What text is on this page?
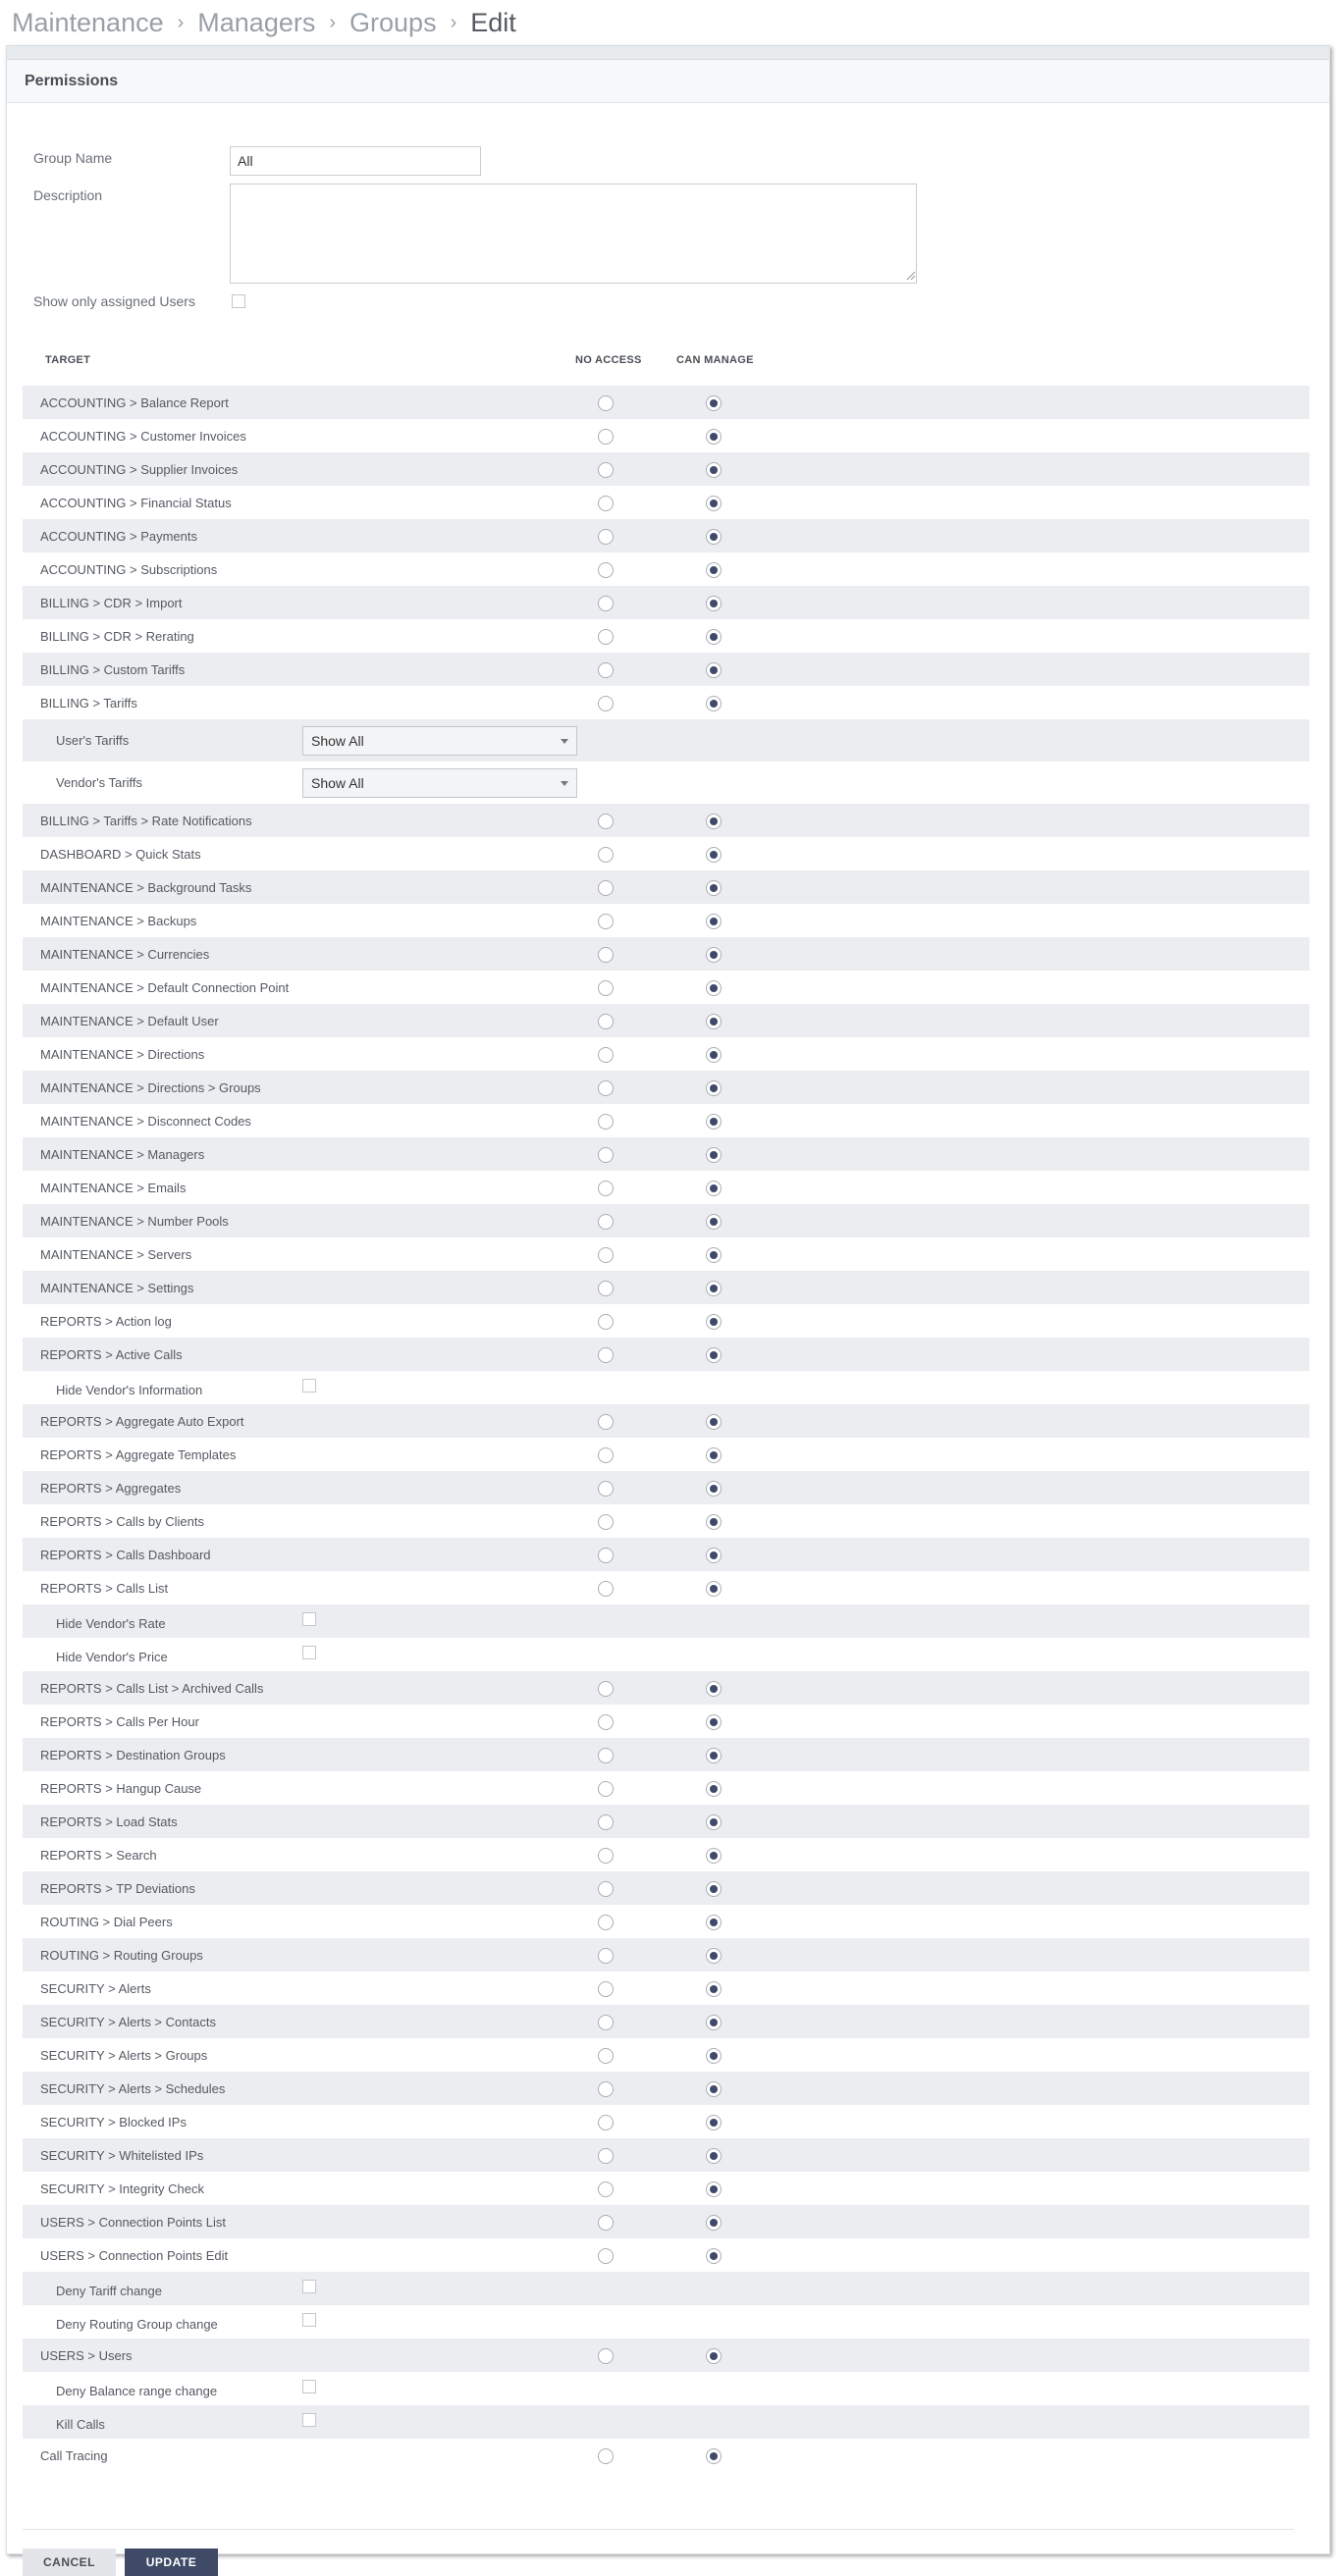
Maintenance › Managers › Groups › Edit
Permissions
Group Name
All
Description
Show only assigned Users
TARGET	NO ACCESS	CAN MANAGE
ACCOUNTING > Balance Report
ACCOUNTING > Customer Invoices
ACCOUNTING > Supplier Invoices
ACCOUNTING > Financial Status
ACCOUNTING > Payments
ACCOUNTING > Subscriptions
BILLING > CDR > Import
BILLING > CDR > Rerating
BILLING > Custom Tariffs
BILLING > Tariffs
User's Tariffs	Show All
Vendor's Tariffs	Show All
BILLING > Tariffs > Rate Notifications
DASHBOARD > Quick Stats
MAINTENANCE > Background Tasks
MAINTENANCE > Backups
MAINTENANCE > Currencies
MAINTENANCE > Default Connection Point
MAINTENANCE > Default User
MAINTENANCE > Directions
MAINTENANCE > Directions > Groups
MAINTENANCE > Disconnect Codes
MAINTENANCE > Managers
MAINTENANCE > Emails
MAINTENANCE > Number Pools
MAINTENANCE > Servers
MAINTENANCE > Settings
REPORTS > Action log
REPORTS > Active Calls
Hide Vendor's Information
REPORTS > Aggregate Auto Export
REPORTS > Aggregate Templates
REPORTS > Aggregates
REPORTS > Calls by Clients
REPORTS > Calls Dashboard
REPORTS > Calls List
Hide Vendor's Rate
Hide Vendor's Price
REPORTS > Calls List > Archived Calls
REPORTS > Calls Per Hour
REPORTS > Destination Groups
REPORTS > Hangup Cause
REPORTS > Load Stats
REPORTS > Search
REPORTS > TP Deviations
ROUTING > Dial Peers
ROUTING > Routing Groups
SECURITY > Alerts
SECURITY > Alerts > Contacts
SECURITY > Alerts > Groups
SECURITY > Alerts > Schedules
SECURITY > Blocked IPs
SECURITY > Whitelisted IPs
SECURITY > Integrity Check
USERS > Connection Points List
USERS > Connection Points Edit
Deny Tariff change
Deny Routing Group change
USERS > Users
Deny Balance range change
Kill Calls
Call Tracing
CANCEL	UPDATE
